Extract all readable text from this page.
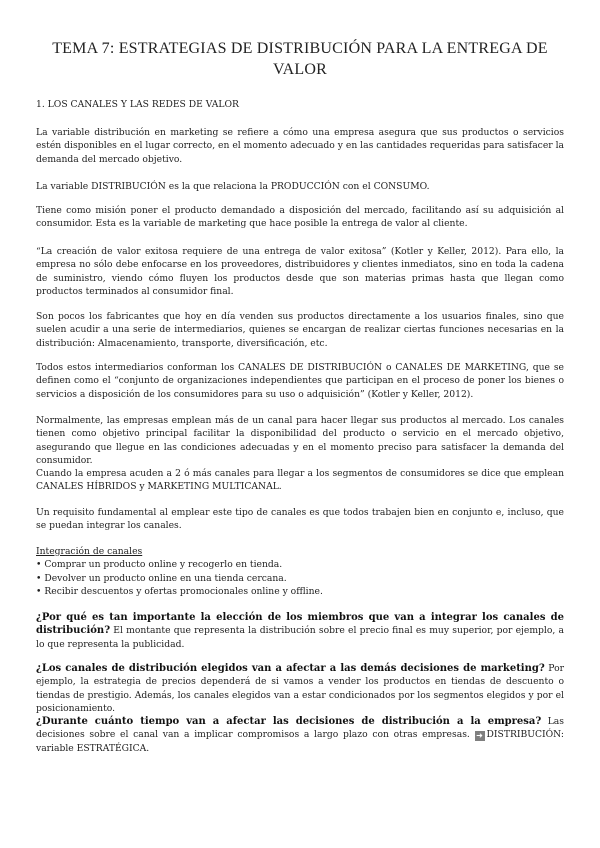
TEMA 7: ESTRATEGIAS DE DISTRIBUCIÓN PARA LA ENTREGA DE VALOR

1. LOS CANALES Y LAS REDES DE VALOR

La variable distribución en marketing se refiere a cómo una empresa asegura que sus productos o servicios estén disponibles en el lugar correcto, en el momento adecuado y en las cantidades requeridas para satisfacer la demanda del mercado objetivo.

La variable DISTRIBUCIÓN es la que relaciona la PRODUCCIÓN con el CONSUMO.

Tiene como misión poner el producto demandado a disposición del mercado, facilitando así su adquisición al consumidor. Esta es la variable de marketing que hace posible la entrega de valor al cliente.

“La creación de valor exitosa requiere de una entrega de valor exitosa” (Kotler y Keller, 2012). Para ello, la empresa no sólo debe enfocarse en los proveedores, distribuidores y clientes inmediatos, sino en toda la cadena de suministro, viendo cómo fluyen los productos desde que son materias primas hasta que llegan como productos terminados al consumidor final.

Son pocos los fabricantes que hoy en día venden sus productos directamente a los usuarios finales, sino que suelen acudir a una serie de intermediarios, quienes se encargan de realizar ciertas funciones necesarias en la distribución: Almacenamiento, transporte, diversificación, etc.

Todos estos intermediarios conforman los CANALES DE DISTRIBUCIÓN o CANALES DE MARKETING, que se definen como el “conjunto de organizaciones independientes que participan en el proceso de poner los bienes o servicios a disposición de los consumidores para su uso o adquisición” (Kotler y Keller, 2012).

Normalmente, las empresas emplean más de un canal para hacer llegar sus productos al mercado. Los canales tienen como objetivo principal facilitar la disponibilidad del producto o servicio en el mercado objetivo, asegurando que llegue en las condiciones adecuadas y en el momento preciso para satisfacer la demanda del consumidor.

Cuando la empresa acuden a 2 ó más canales para llegar a los segmentos de consumidores se dice que emplean CANALES HÍBRIDOS y MARKETING MULTICANAL.

Un requisito fundamental al emplear este tipo de canales es que todos trabajen bien en conjunto e, incluso, que se puedan integrar los canales.

Integración de canales
• Comprar un producto online y recogerlo en tienda.
• Devolver un producto online en una tienda cercana.
• Recibir descuentos y ofertas promocionales online y offline.

¿Por qué es tan importante la elección de los miembros que van a integrar los canales de distribución? El montante que representa la distribución sobre el precio final es muy superior, por ejemplo, a lo que representa la publicidad.

¿Los canales de distribución elegidos van a afectar a las demás decisiones de marketing? Por ejemplo, la estrategia de precios dependerá de si vamos a vender los productos en tiendas de descuento o tiendas de prestigio. Además, los canales elegidos van a estar condicionados por los segmentos elegidos y por el posicionamiento.

¿Durante cuánto tiempo van a afectar las decisiones de distribución a la empresa? Las decisiones sobre el canal van a implicar compromisos a largo plazo con otras empresas. ➜ DISTRIBUCIÓN: variable ESTRATÉGICA.
